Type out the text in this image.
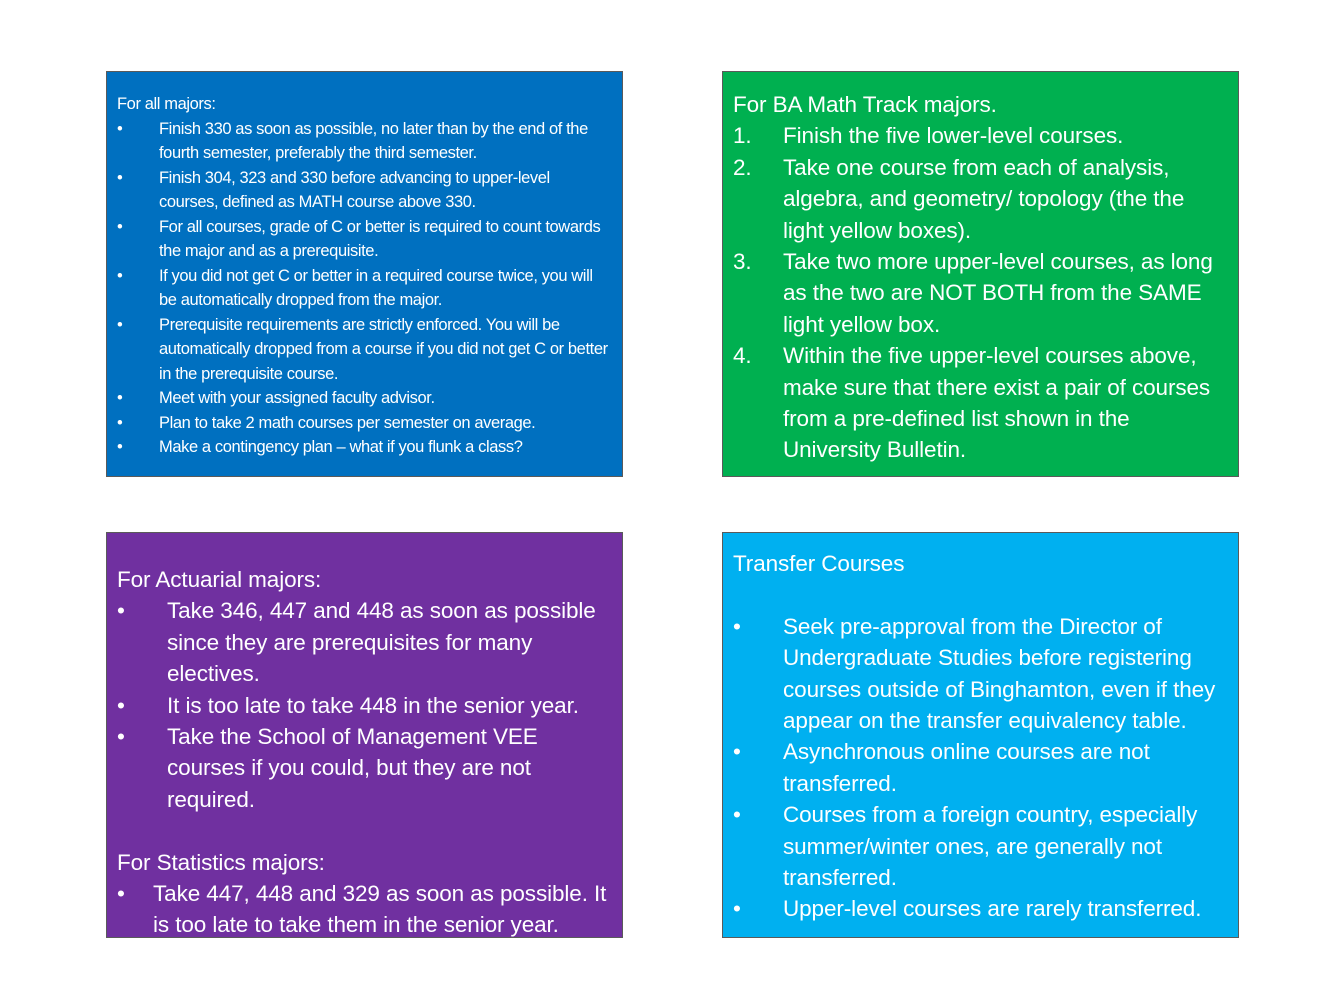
For all majors:

• Finish 330 as soon as possible, no later than by the end of the fourth semester, preferably the third semester.
• Finish 304, 323 and 330 before advancing to upper-level courses, defined as MATH course above 330.
• For all courses, grade of C or better is required to count towards the major and as a prerequisite.
• If you did not get C or better in a required course twice, you will be automatically dropped from the major.
• Prerequisite requirements are strictly enforced. You will be automatically dropped from a course if you did not get C or better in the prerequisite course.
• Meet with your assigned faculty advisor.
• Plan to take 2 math courses per semester on average.
• Make a contingency plan – what if you flunk a class?

For BA Math Track majors.

1. Finish the five lower-level courses.
2. Take one course from each of analysis, algebra, and geometry/ topology (the the light yellow boxes).
3. Take two more upper-level courses, as long as the two are NOT BOTH from the SAME light yellow box.
4. Within the five upper-level courses above, make sure that there exist a pair of courses from a pre-defined list shown in the University Bulletin.

For Actuarial majors:

• Take 346, 447 and 448 as soon as possible since they are prerequisites for many electives.
• It is too late to take 448 in the senior year.
• Take the School of Management VEE courses if you could, but they are not required.

For Statistics majors:

• Take 447, 448 and 329 as soon as possible. It is too late to take them in the senior year.

Transfer Courses

• Seek pre-approval from the Director of Undergraduate Studies before registering courses outside of Binghamton, even if they appear on the transfer equivalency table.
• Asynchronous online courses are not transferred.
• Courses from a foreign country, especially summer/winter ones, are generally not transferred.
• Upper-level courses are rarely transferred.
